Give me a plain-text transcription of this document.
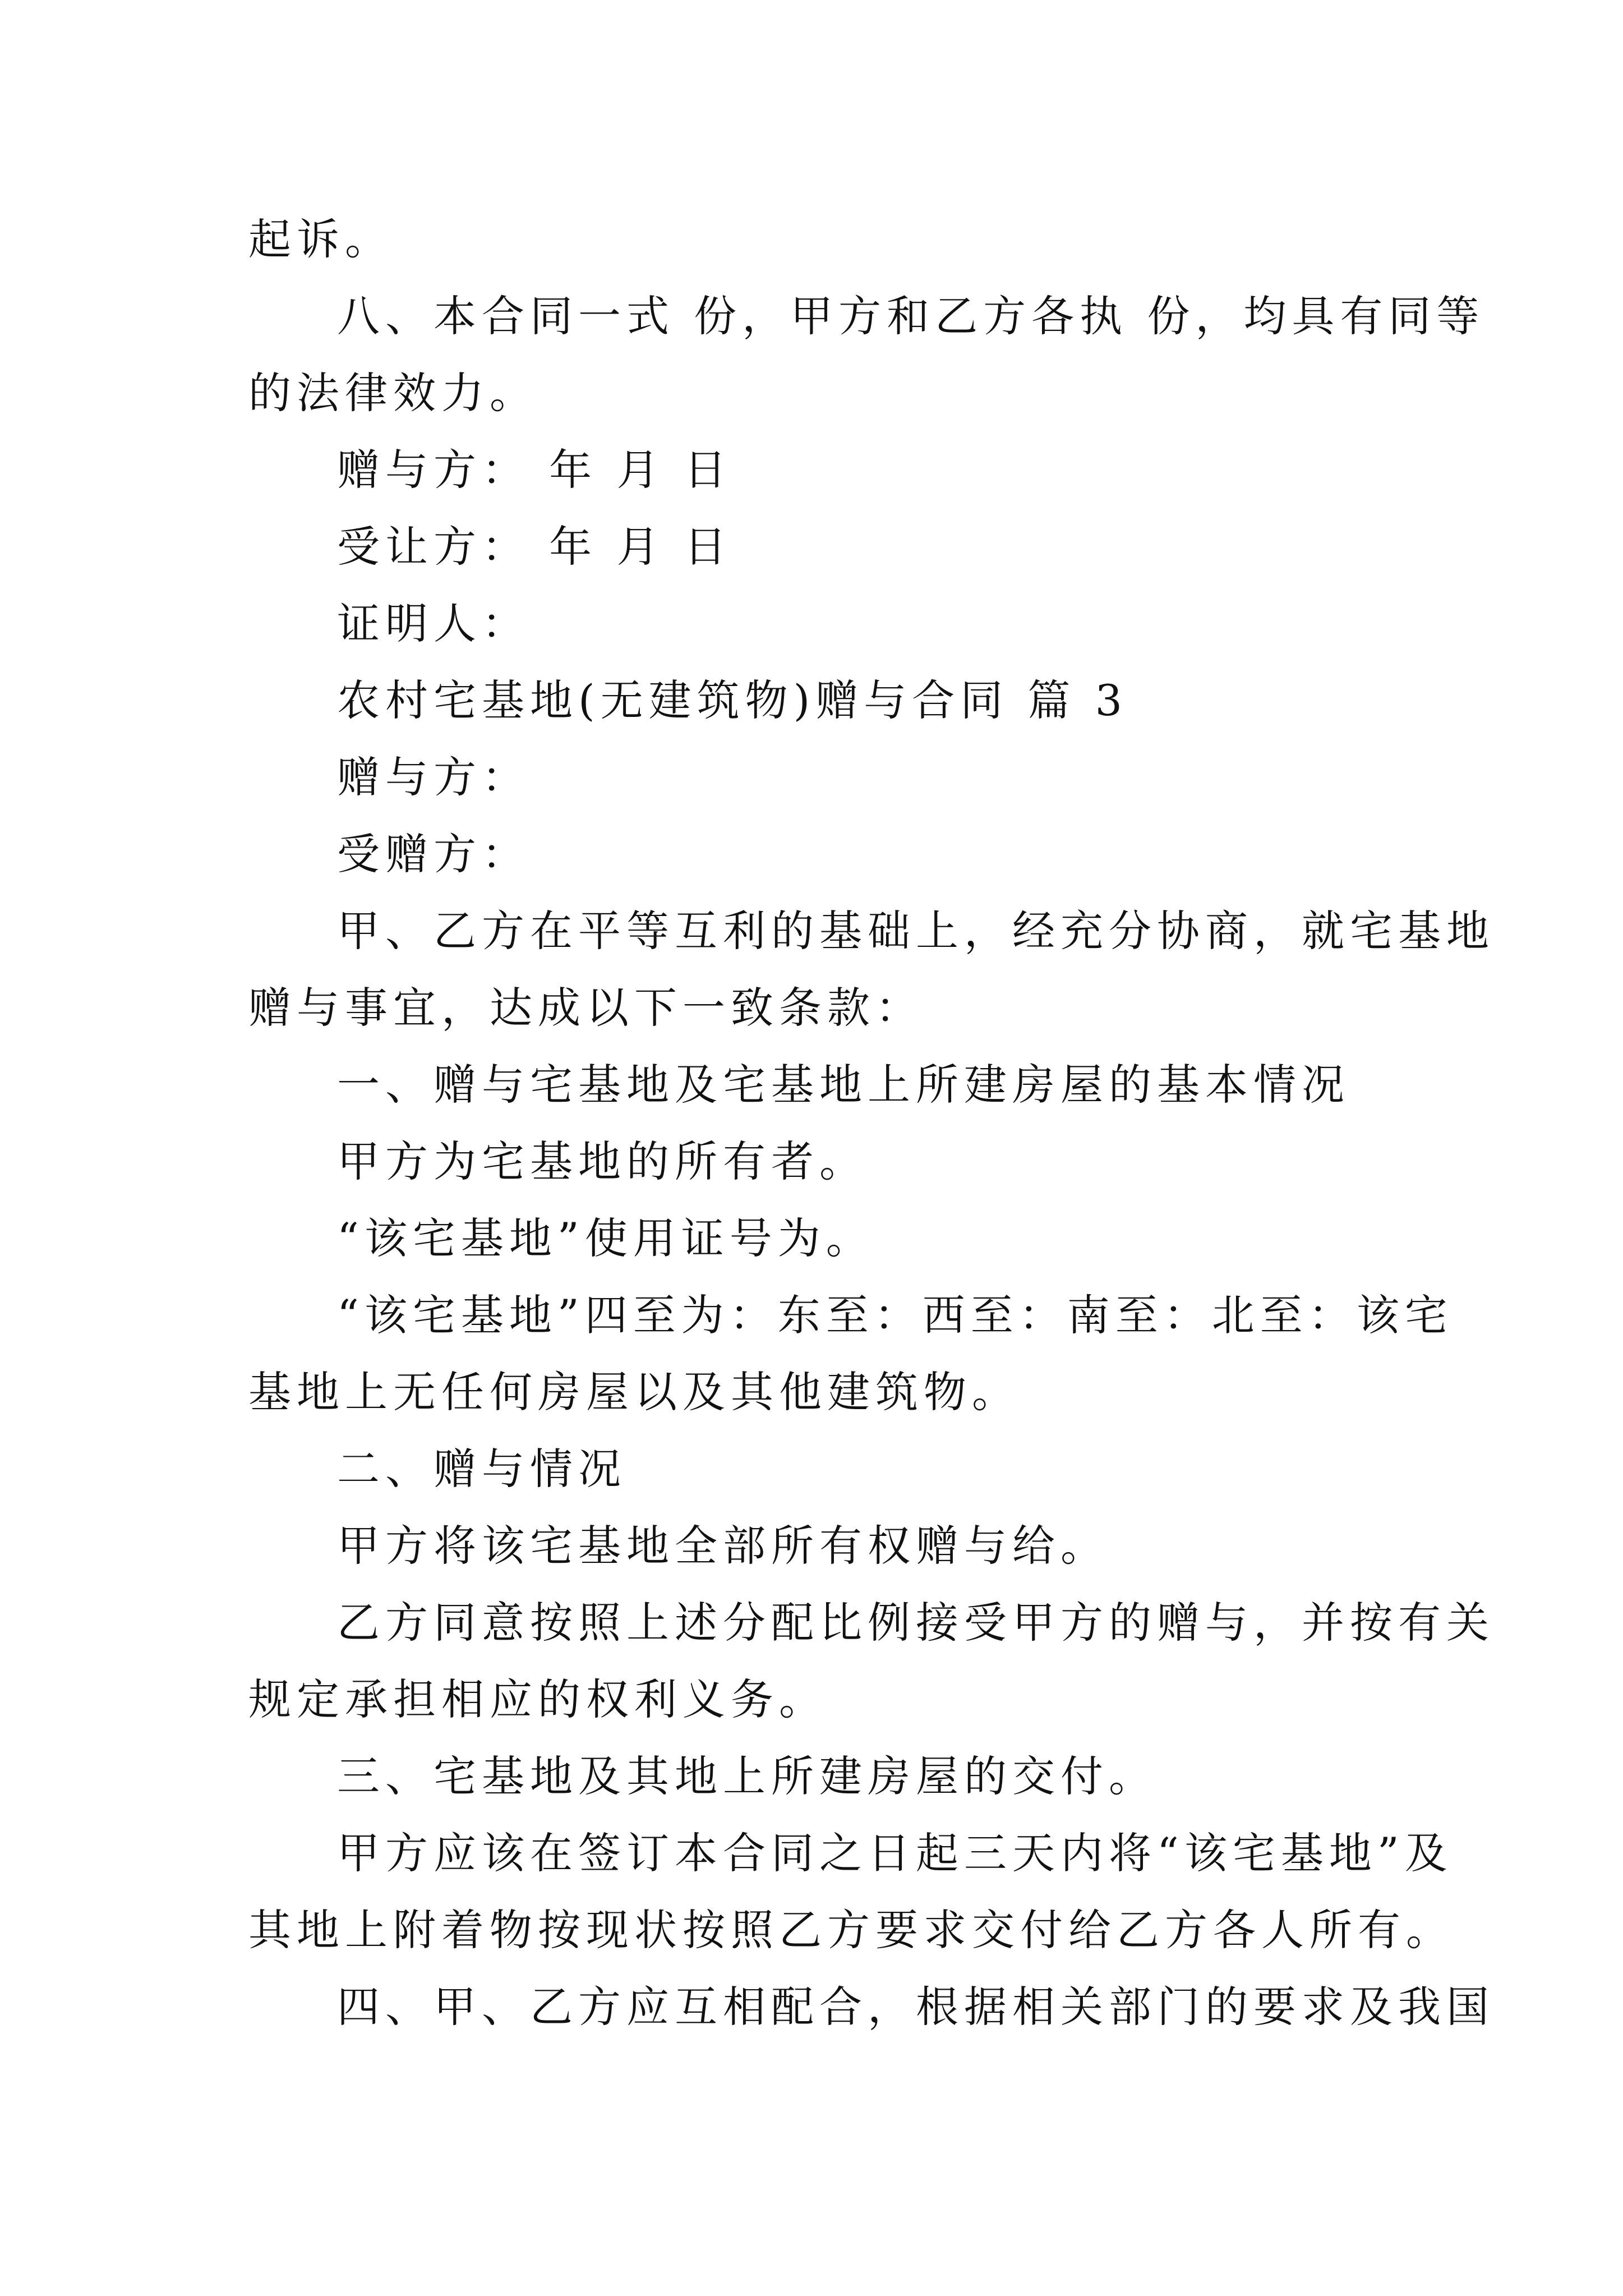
起诉。
八、本合同一式 份，甲方和乙方各执 份，均具有同等
的法律效力。
赠与方： 年 月 日
受让方： 年 月 日
证明人：
农村宅基地(无建筑物)赠与合同 篇 3
赠与方：
受赠方：
甲、乙方在平等互利的基础上，经充分协商，就宅基地
赠与事宜，达成以下一致条款：
一、赠与宅基地及宅基地上所建房屋的基本情况
甲方为宅基地的所有者。
“该宅基地”使用证号为。
“该宅基地”四至为：东至：西至：南至：北至：该宅
基地上无任何房屋以及其他建筑物。
二、赠与情况
甲方将该宅基地全部所有权赠与给。
乙方同意按照上述分配比例接受甲方的赠与，并按有关
规定承担相应的权利义务。
三、宅基地及其地上所建房屋的交付。
甲方应该在签订本合同之日起三天内将“该宅基地”及
其地上附着物按现状按照乙方要求交付给乙方各人所有。
四、甲、乙方应互相配合，根据相关部门的要求及我国
